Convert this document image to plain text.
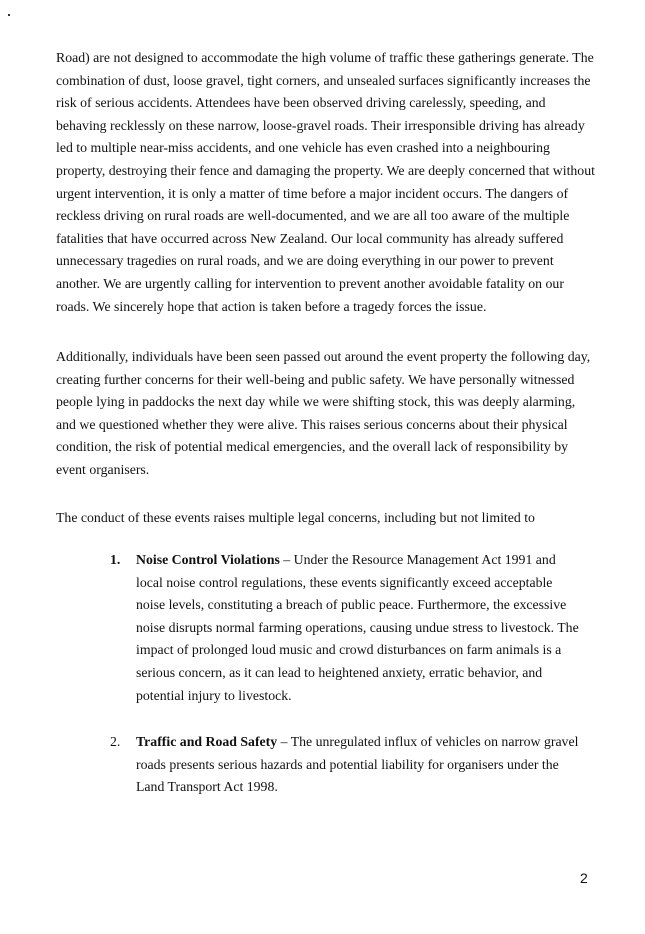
Road) are not designed to accommodate the high volume of traffic these gatherings generate. The combination of dust, loose gravel, tight corners, and unsealed surfaces significantly increases the risk of serious accidents. Attendees have been observed driving carelessly, speeding, and behaving recklessly on these narrow, loose-gravel roads. Their irresponsible driving has already led to multiple near-miss accidents, and one vehicle has even crashed into a neighbouring property, destroying their fence and damaging the property. We are deeply concerned that without urgent intervention, it is only a matter of time before a major incident occurs. The dangers of reckless driving on rural roads are well-documented, and we are all too aware of the multiple fatalities that have occurred across New Zealand. Our local community has already suffered unnecessary tragedies on rural roads, and we are doing everything in our power to prevent another. We are urgently calling for intervention to prevent another avoidable fatality on our roads. We sincerely hope that action is taken before a tragedy forces the issue.

Additionally, individuals have been seen passed out around the event property the following day, creating further concerns for their well-being and public safety. We have personally witnessed people lying in paddocks the next day while we were shifting stock, this was deeply alarming, and we questioned whether they were alive. This raises serious concerns about their physical condition, the risk of potential medical emergencies, and the overall lack of responsibility by event organisers.

The conduct of these events raises multiple legal concerns, including but not limited to

1. Noise Control Violations – Under the Resource Management Act 1991 and local noise control regulations, these events significantly exceed acceptable noise levels, constituting a breach of public peace. Furthermore, the excessive noise disrupts normal farming operations, causing undue stress to livestock. The impact of prolonged loud music and crowd disturbances on farm animals is a serious concern, as it can lead to heightened anxiety, erratic behavior, and potential injury to livestock.
2. Traffic and Road Safety – The unregulated influx of vehicles on narrow gravel roads presents serious hazards and potential liability for organisers under the Land Transport Act 1998.
2
